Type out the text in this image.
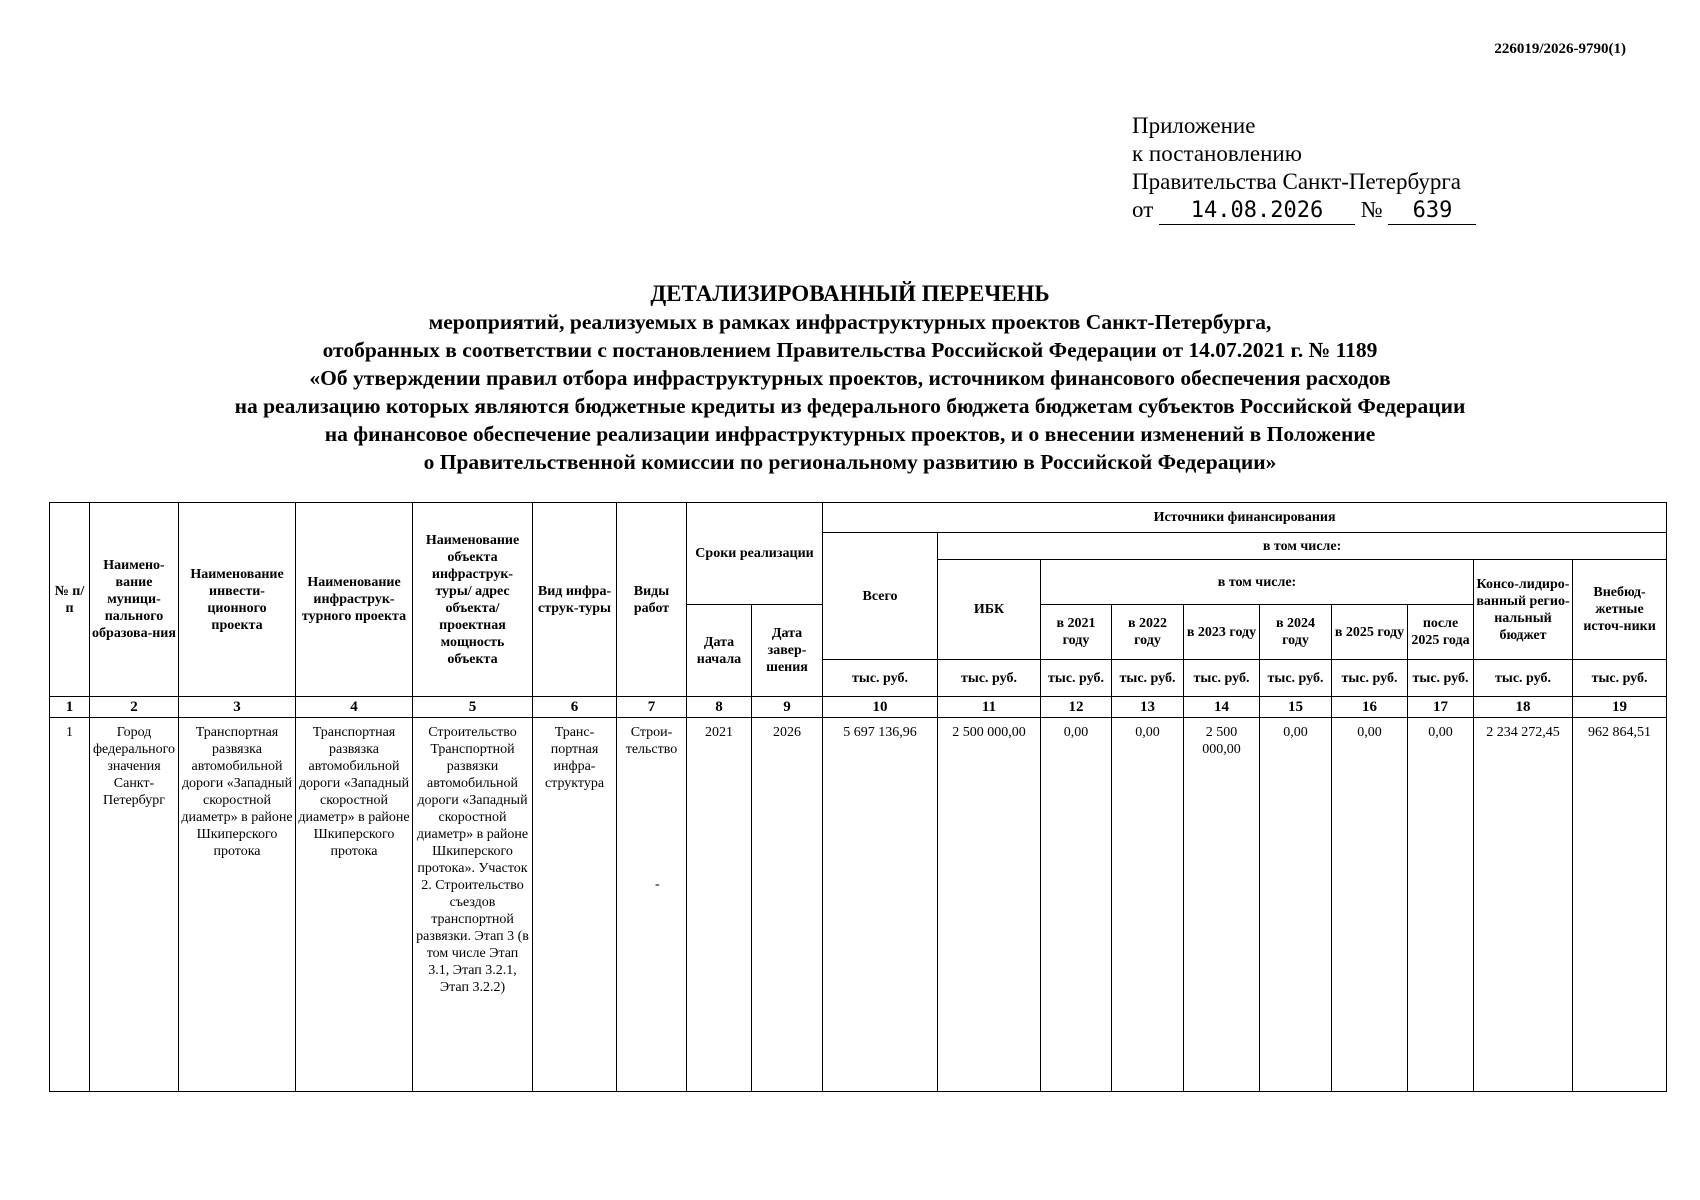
226019/2026-9790(1)
Приложение
к постановлению
Правительства Санкт-Петербурга
от 14.08.2026 № 639
ДЕТАЛИЗИРОВАННЫЙ ПЕРЕЧЕНЬ
мероприятий, реализуемых в рамках инфраструктурных проектов Санкт-Петербурга,
отобранных в соответствии с постановлением Правительства Российской Федерации от 14.07.2021 г. № 1189
«Об утверждении правил отбора инфраструктурных проектов, источником финансового обеспечения расходов
на реализацию которых являются бюджетные кредиты из федерального бюджета бюджетам субъектов Российской Федерации
на финансовое обеспечение реализации инфраструктурных проектов, и о внесении изменений в Положение
о Правительственной комиссии по региональному развитию в Российской Федерации»
№ п/п	Наимено-вание муници-пального образова-ния	Наименование инвести-ционного проекта	Наименование инфраструк-турного проекта	Наименование объекта инфраструк-туры/ адрес объекта/ проектная мощность объекта	Вид инфра-струк-туры	Виды работ	Сроки реализации		Источники финансирования									
									Всего	в том числе:								
										ИБК	в том числе:						Консо-лидиро-ванный регио-нальный бюджет	Внебюд-жетные источ-ники
							Дата начала	Дата завер-шения			в 2021 году	в 2022 году	в 2023 году	в 2024 году	в 2025 году	после 2025 года		
									тыс. руб.	тыс. руб.	тыс. руб.	тыс. руб.	тыс. руб.	тыс. руб.	тыс. руб.	тыс. руб.	тыс. руб.	тыс. руб.
1	2	3	4	5	6	7	8	9	10	11	12	13	14	15	16	17	18	19
1	Город федерального значения Санкт-Петербург	Транспортная развязка автомобильной дороги «Западный скоростной диаметр» в районе Шкиперского протока	Транспортная развязка автомобильной дороги «Западный скоростной диаметр» в районе Шкиперского протока	Строительство Транспортной развязки автомобильной дороги «Западный скоростной диаметр» в районе Шкиперского протока». Участок 2. Строительство съездов транспортной развязки. Этап 3 (в том числе Этап 3.1, Этап 3.2.1, Этап 3.2.2)	Транс-портная инфра-структура	Строи-тельство	2021	2026	5 697 136,96	2 500 000,00	0,00	0,00	2 500 000,00	0,00	0,00	0,00	2 234 272,45	962 864,51
-
